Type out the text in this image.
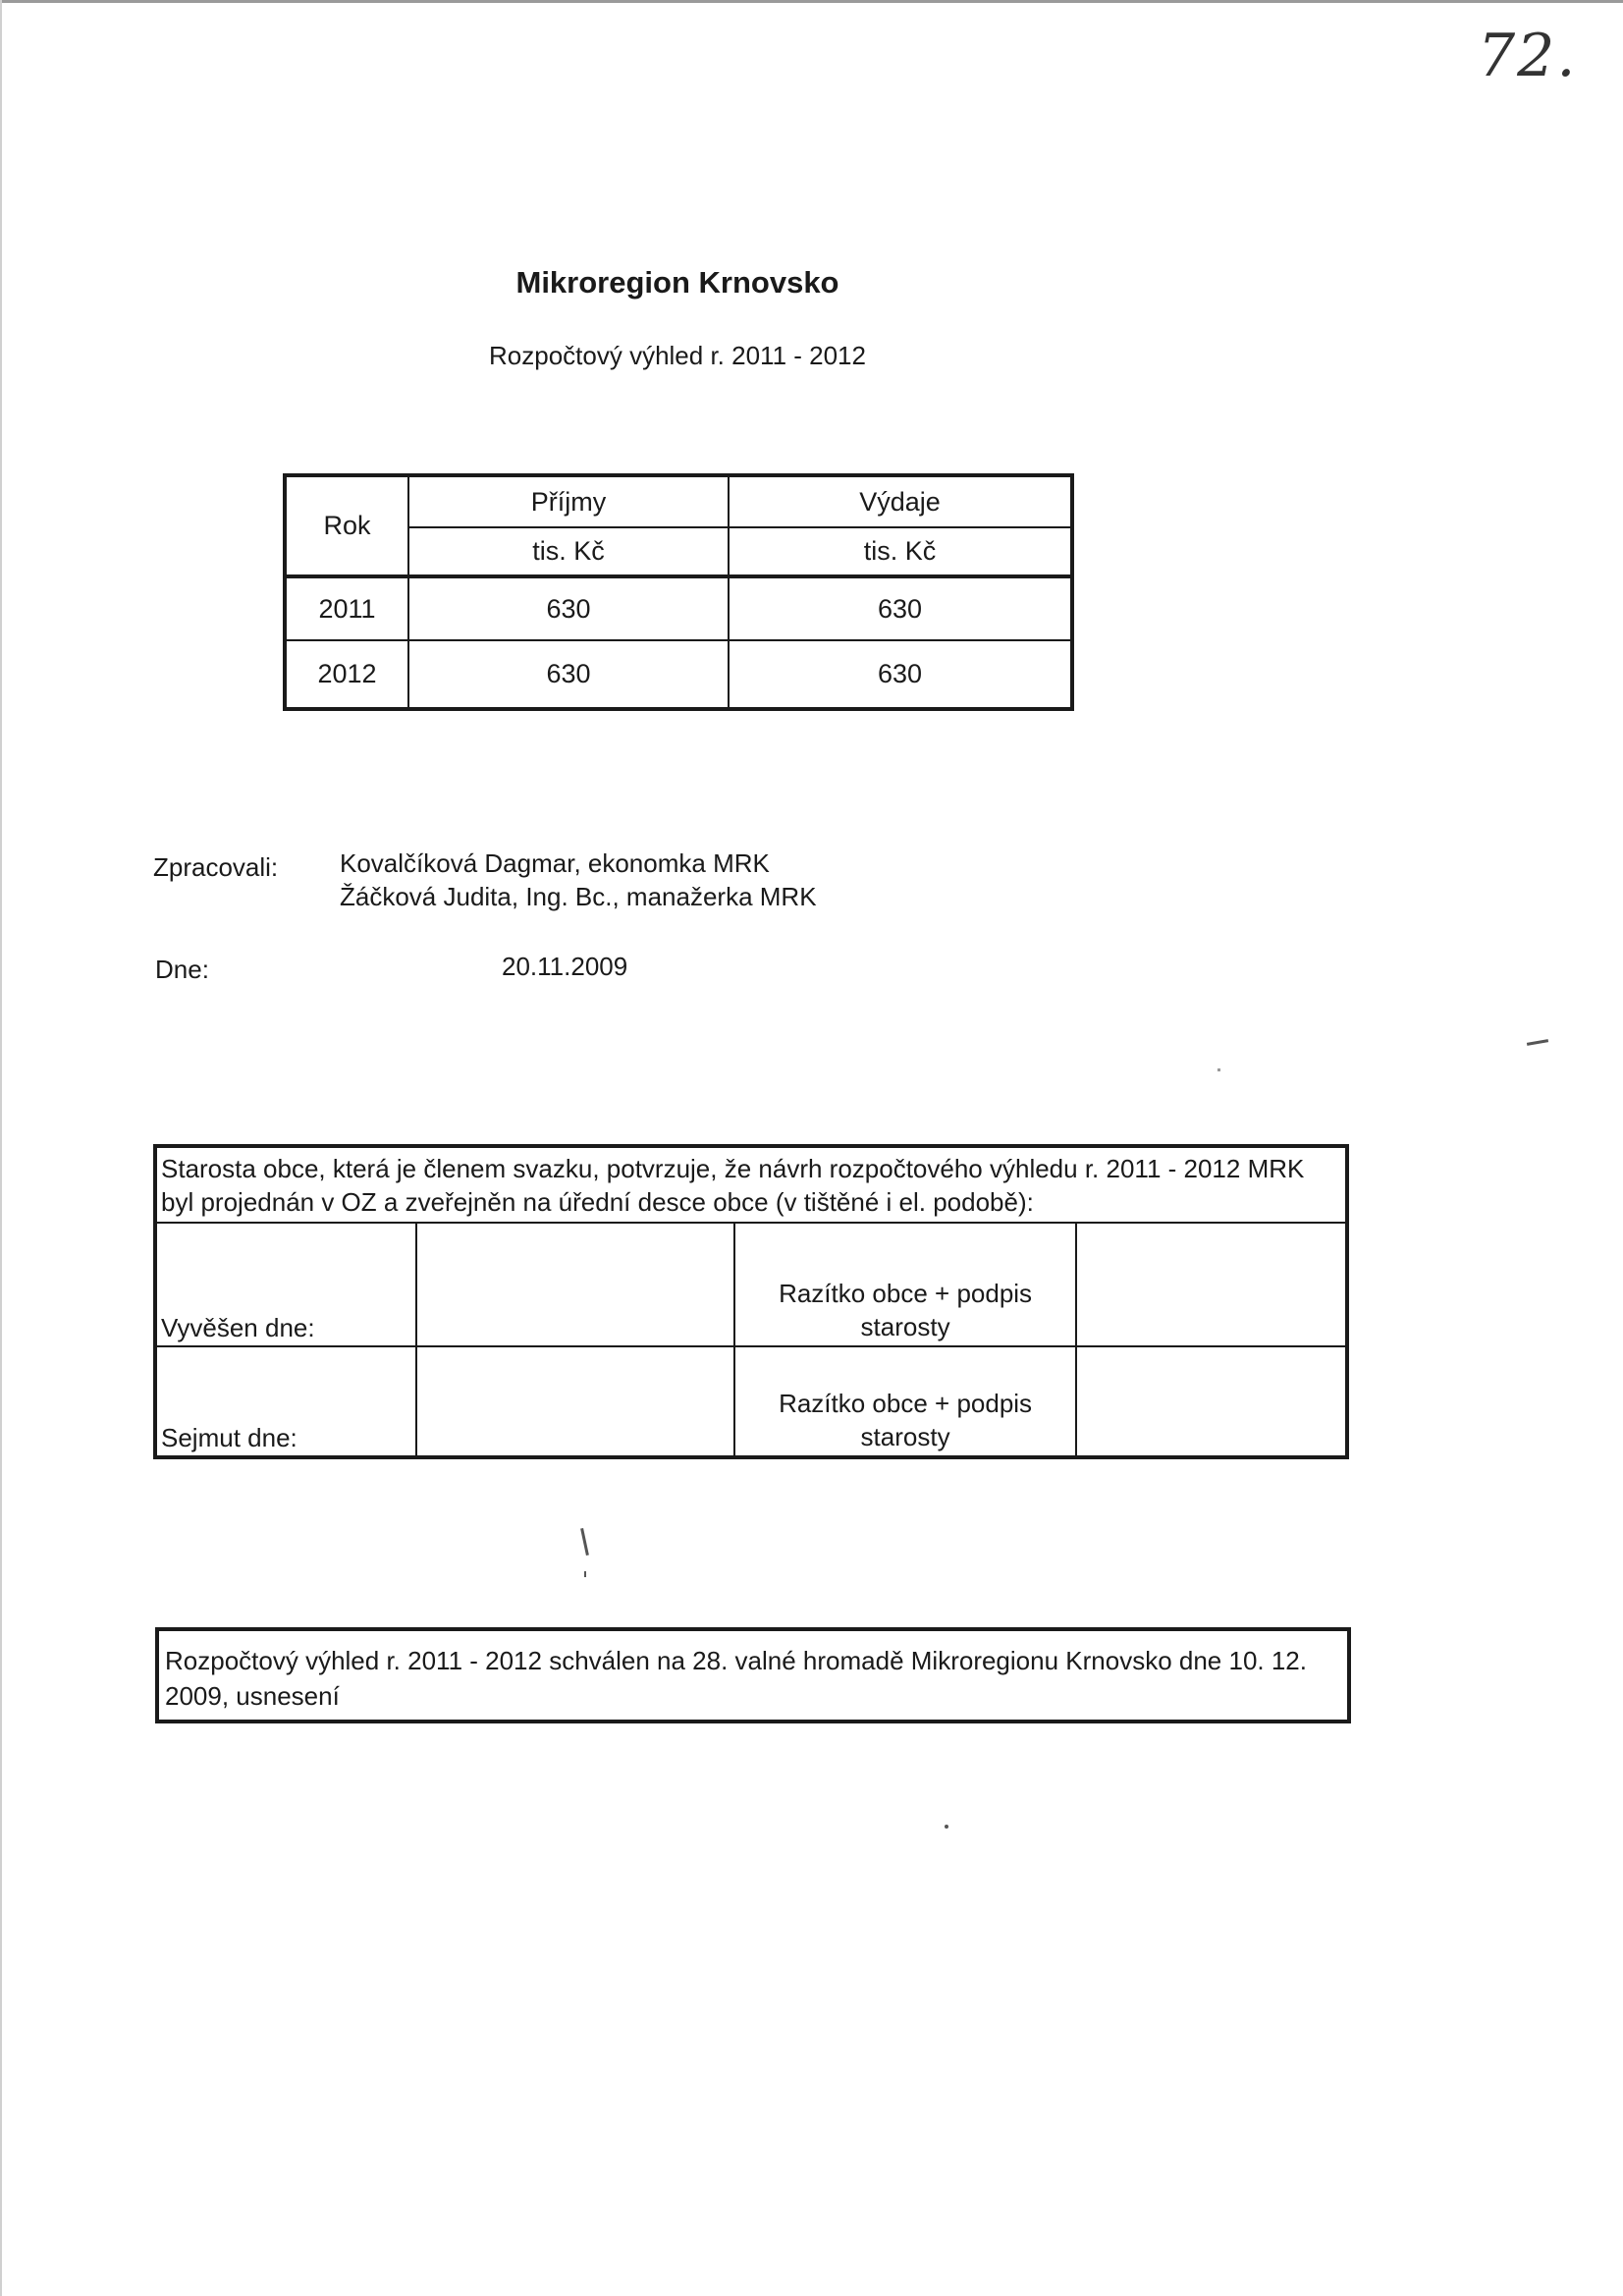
72.
Mikroregion Krnovsko
Rozpočtový výhled r. 2011 - 2012
Rok	Příjmy	Výdaje
	tis. Kč	tis. Kč
2011	630	630
2012	630	630
Zpracovali: Kovalčíková Dagmar, ekonomka MRK
Žáčková Judita, Ing. Bc., manažerka MRK
Dne:	20.11.2009
Starosta obce, která je členem svazku, potvrzuje, že návrh rozpočtového výhledu r. 2011 - 2012 MRK byl projednán v OZ a zveřejněn na úřední desce obce (v tištěné i el. podobě):			
Vyvěšen dne:		Razítko obce + podpis starosty	
Sejmut dne:		Razítko obce + podpis starosty	
Rozpočtový výhled r. 2011 - 2012 schválen na 28. valné hromadě Mikroregionu Krnovsko dne 10. 12. 2009, usnesení
